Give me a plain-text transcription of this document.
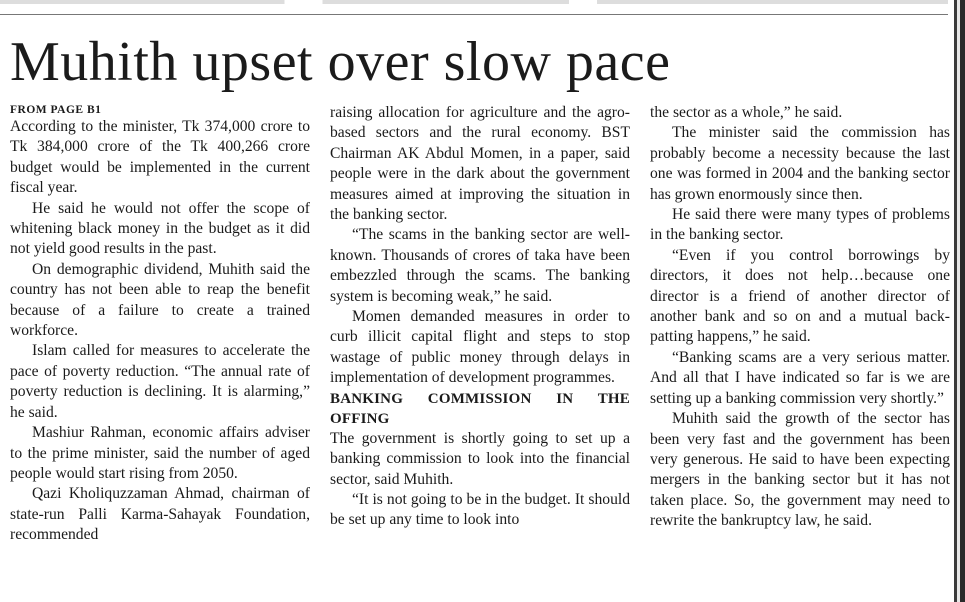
Muhith upset over slow pace
FROM PAGE B1

According to the minister, Tk 374,000 crore to Tk 384,000 crore of the Tk 400,266 crore budget would be implemented in the current fiscal year.

He said he would not offer the scope of whitening black money in the budget as it did not yield good results in the past.

On demographic dividend, Muhith said the country has not been able to reap the benefit because of a failure to create a trained workforce.

Islam called for measures to accelerate the pace of poverty reduction. “The annual rate of poverty reduction is declining. It is alarming,” he said.

Mashiur Rahman, economic affairs adviser to the prime minister, said the number of aged people would start rising from 2050.

Qazi Kholiquzzaman Ahmad, chairman of state-run Palli Karma-Sahayak Foundation, recommended

raising allocation for agriculture and the agro-based sectors and the rural economy. BST Chairman AK Abdul Momen, in a paper, said people were in the dark about the government measures aimed at improving the situation in the banking sector.

“The scams in the banking sector are well-known. Thousands of crores of taka have been embezzled through the scams. The banking system is becoming weak,” he said.

Momen demanded measures in order to curb illicit capital flight and steps to stop wastage of public money through delays in implementation of development programmes.

BANKING COMMISSION IN THE OFFING

The government is shortly going to set up a banking commission to look into the financial sector, said Muhith.

“It is not going to be in the budget. It should be set up any time to look into

the sector as a whole,” he said.

The minister said the commission has probably become a necessity because the last one was formed in 2004 and the banking sector has grown enormously since then.

He said there were many types of problems in the banking sector.

“Even if you control borrowings by directors, it does not help…because one director is a friend of another director of another bank and so on and a mutual back-patting happens,” he said.

“Banking scams are a very serious matter. And all that I have indicated so far is we are setting up a banking commission very shortly.”

Muhith said the growth of the sector has been very fast and the government has been very generous. He said to have been expecting mergers in the banking sector but it has not taken place. So, the government may need to rewrite the bankruptcy law, he said.
